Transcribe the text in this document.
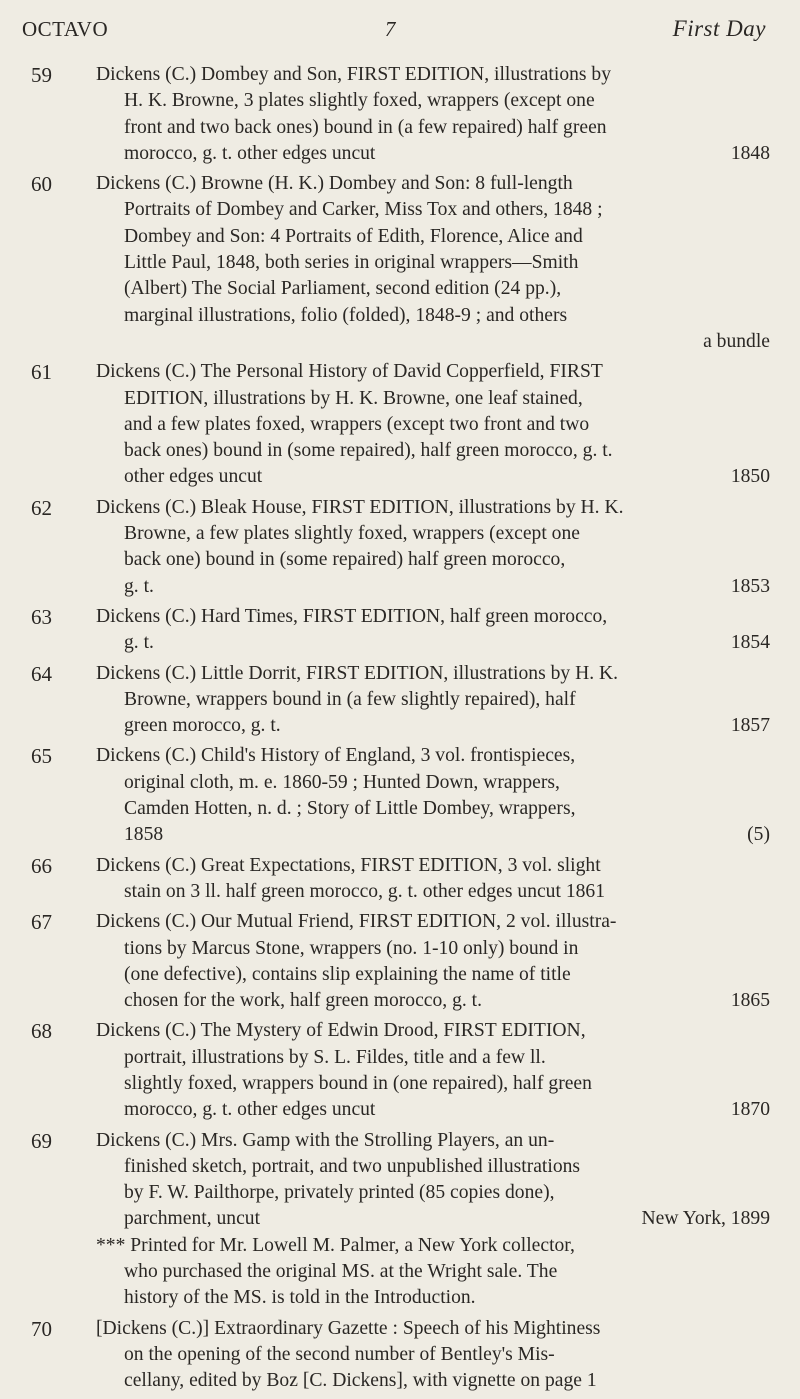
OCTAVO	7	First Day
59 Dickens (C.) Dombey and Son, FIRST EDITION, illustrations by
H. K. Browne, 3 plates slightly foxed, wrappers (except one
front and two back ones) bound in (a few repaired) half green
morocco, g. t. other edges uncut	1848
60 Dickens (C.) Browne (H. K.) Dombey and Son: 8 full-length
Portraits of Dombey and Carker, Miss Tox and others, 1848 ;
Dombey and Son: 4 Portraits of Edith, Florence, Alice and
Little Paul, 1848, both series in original wrappers—Smith
(Albert) The Social Parliament, second edition (24 pp.),
marginal illustrations, folio (folded), 1848-9 ; and others
a bundle
61 Dickens (C.) The Personal History of David Copperfield, FIRST
EDITION, illustrations by H. K. Browne, one leaf stained,
and a few plates foxed, wrappers (except two front and two
back ones) bound in (some repaired), half green morocco, g. t.
other edges uncut	1850
62 Dickens (C.) Bleak House, FIRST EDITION, illustrations by H. K.
Browne, a few plates slightly foxed, wrappers (except one
back one) bound in (some repaired) half green morocco,
g. t.	1853
63 Dickens (C.) Hard Times, FIRST EDITION, half green morocco,
g. t.	1854
64 Dickens (C.) Little Dorrit, FIRST EDITION, illustrations by H. K.
Browne, wrappers bound in (a few slightly repaired), half
green morocco, g. t.	1857
65 Dickens (C.) Child's History of England, 3 vol. frontispieces,
original cloth, m. e. 1860-59 ; Hunted Down, wrappers,
Camden Hotten, n. d. ; Story of Little Dombey, wrappers,
1858	(5)
66 Dickens (C.) Great Expectations, FIRST EDITION, 3 vol. slight
stain on 3 ll. half green morocco, g. t. other edges uncut 1861
67 Dickens (C.) Our Mutual Friend, FIRST EDITION, 2 vol. illustra-
tions by Marcus Stone, wrappers (no. 1-10 only) bound in
(one defective), contains slip explaining the name of title
chosen for the work, half green morocco, g. t.	1865
68 Dickens (C.) The Mystery of Edwin Drood, FIRST EDITION,
portrait, illustrations by S. L. Fildes, title and a few ll.
slightly foxed, wrappers bound in (one repaired), half green
morocco, g. t. other edges uncut	1870
69 Dickens (C.) Mrs. Gamp with the Strolling Players, an un-
finished sketch, portrait, and two unpublished illustrations
by F. W. Pailthorpe, privately printed (85 copies done),
parchment, uncut	New York, 1899
*** Printed for Mr. Lowell M. Palmer, a New York collector,
who purchased the original MS. at the Wright sale. The
history of the MS. is told in the Introduction.
70 [Dickens (C.)] Extraordinary Gazette : Speech of his Mightiness
on the opening of the second number of Bentley's Mis-
cellany, edited by Boz [C. Dickens], with vignette on page 1
